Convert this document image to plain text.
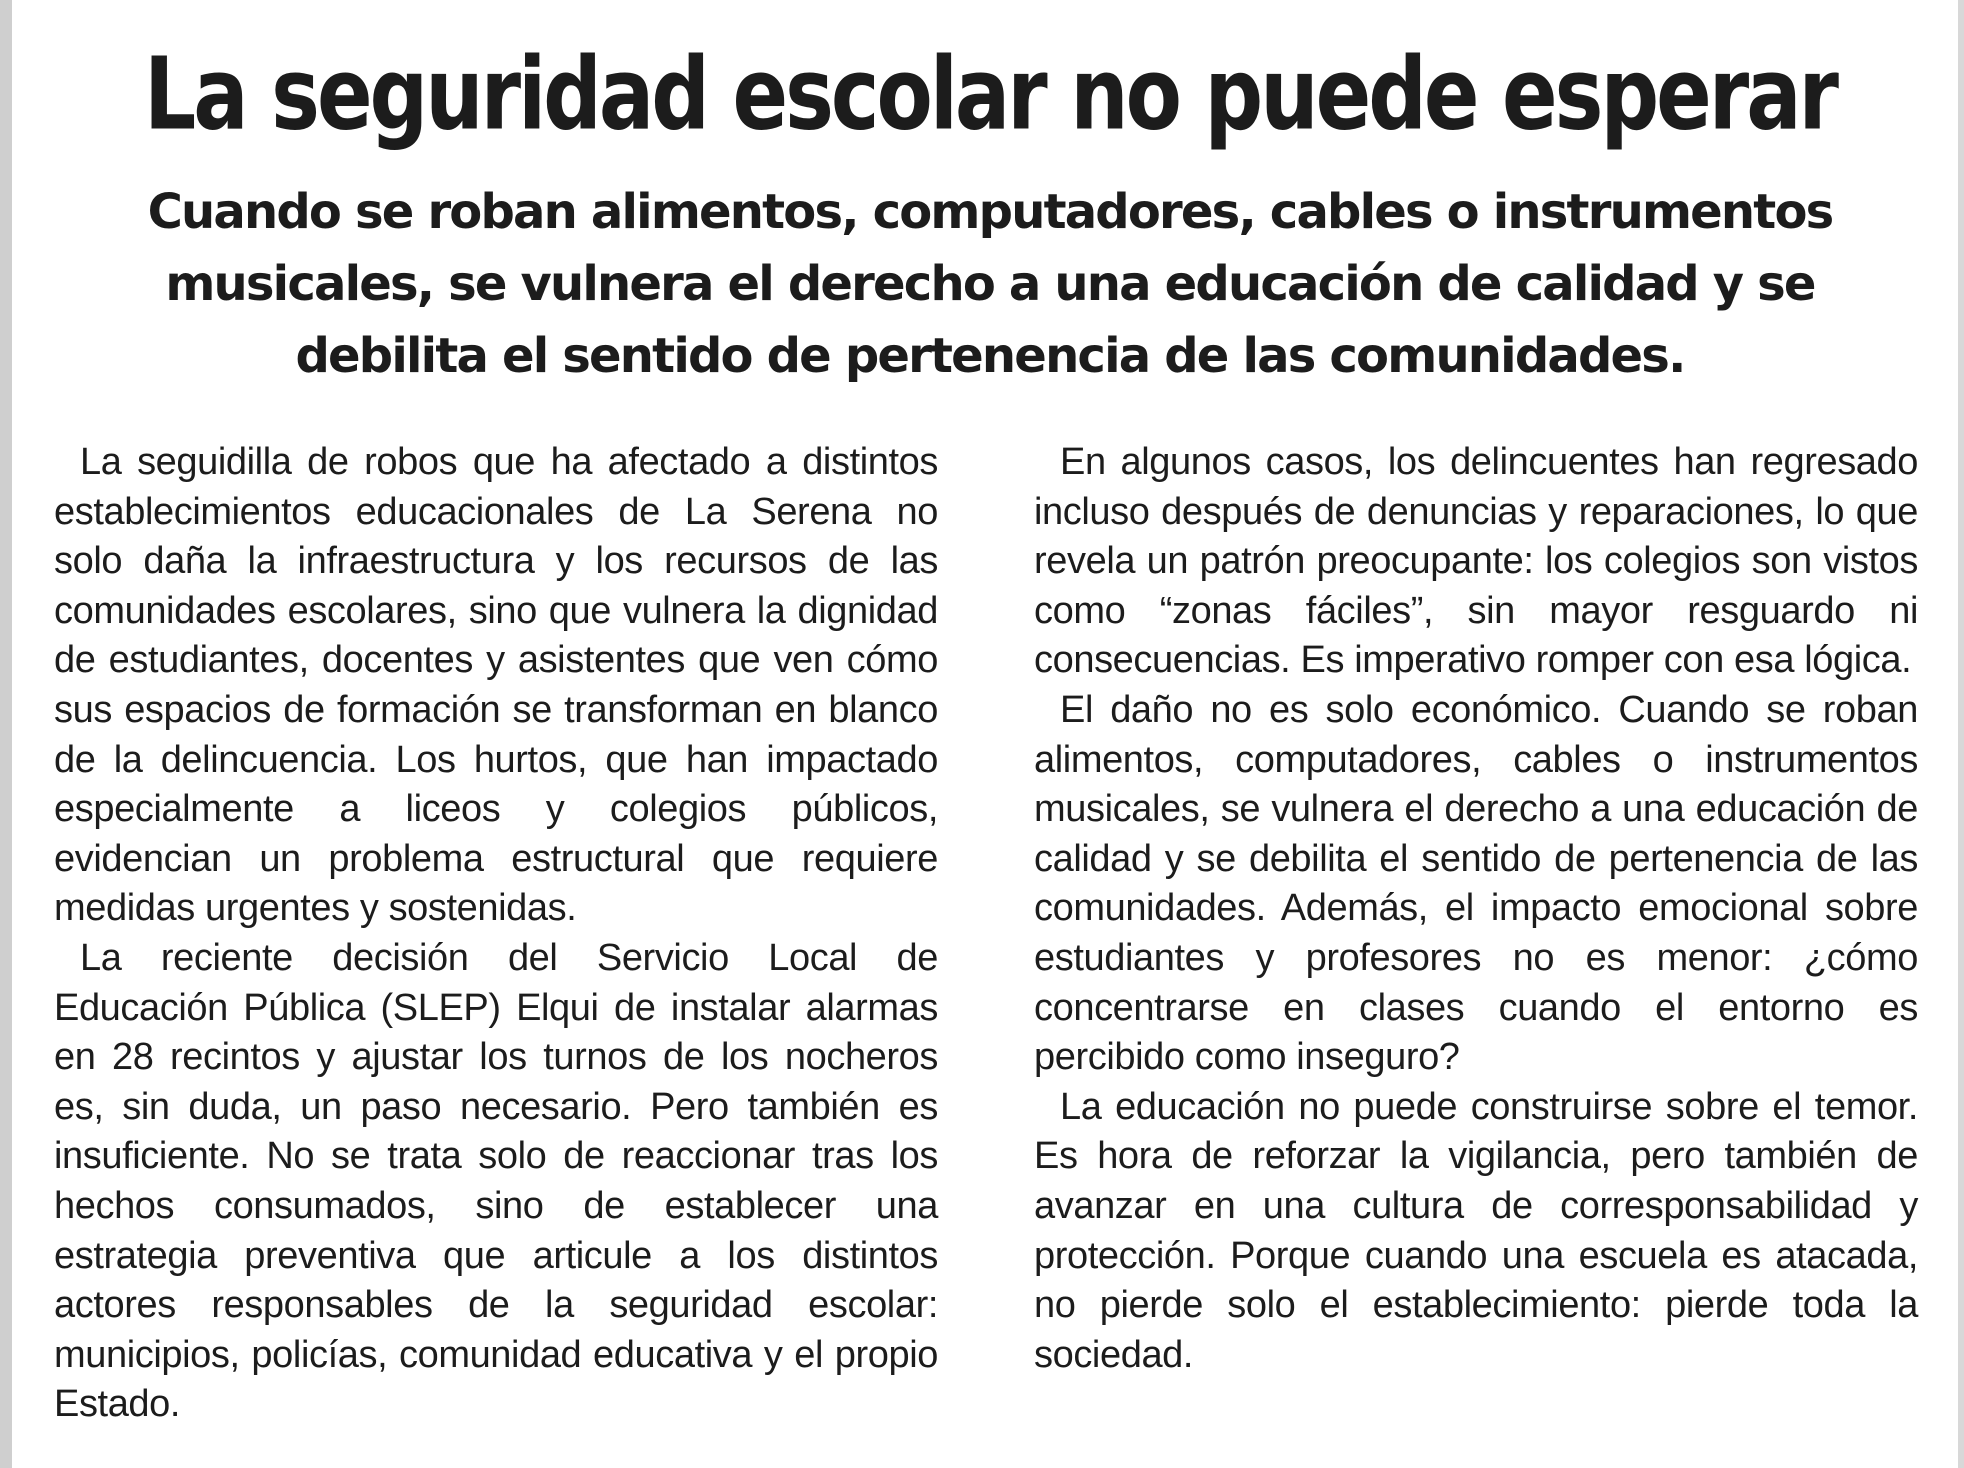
La seguridad escolar no puede esperar
Cuando se roban alimentos, computadores, cables o instrumentos musicales, se vulnera el derecho a una educación de calidad y se debilita el sentido de pertenencia de las comunidades.

La seguidilla de robos que ha afectado a distintos establecimientos educacionales de La Serena no solo daña la infraestructura y los recursos de las comunidades escolares, sino que vulnera la dignidad de estudiantes, docentes y asistentes que ven cómo sus espacios de formación se transforman en blanco de la delincuencia. Los hurtos, que han impactado especialmente a liceos y colegios públicos, evidencian un problema estructural que requiere medidas urgentes y sostenidas.

La reciente decisión del Servicio Local de Educación Pública (SLEP) Elqui de instalar alarmas en 28 recintos y ajustar los turnos de los nocheros es, sin duda, un paso necesario. Pero también es insuficiente. No se trata solo de reaccionar tras los hechos consumados, sino de establecer una estrategia preventiva que articule a los distintos actores responsables de la seguridad escolar: municipios, policías, comunidad educativa y el propio Estado.

En algunos casos, los delincuentes han regresado incluso después de denuncias y reparaciones, lo que revela un patrón preocupante: los colegios son vistos como “zonas fáciles”, sin mayor resguardo ni consecuencias. Es imperativo romper con esa lógica.

El daño no es solo económico. Cuando se roban alimentos, computadores, cables o instrumentos musicales, se vulnera el derecho a una educación de calidad y se debilita el sentido de pertenencia de las comunidades. Además, el impacto emocional sobre estudiantes y profesores no es menor: ¿cómo concentrarse en clases cuando el entorno es percibido como inseguro?

La educación no puede construirse sobre el temor. Es hora de reforzar la vigilancia, pero también de avanzar en una cultura de corresponsabilidad y protección. Porque cuando una escuela es atacada, no pierde solo el establecimiento: pierde toda la sociedad.
